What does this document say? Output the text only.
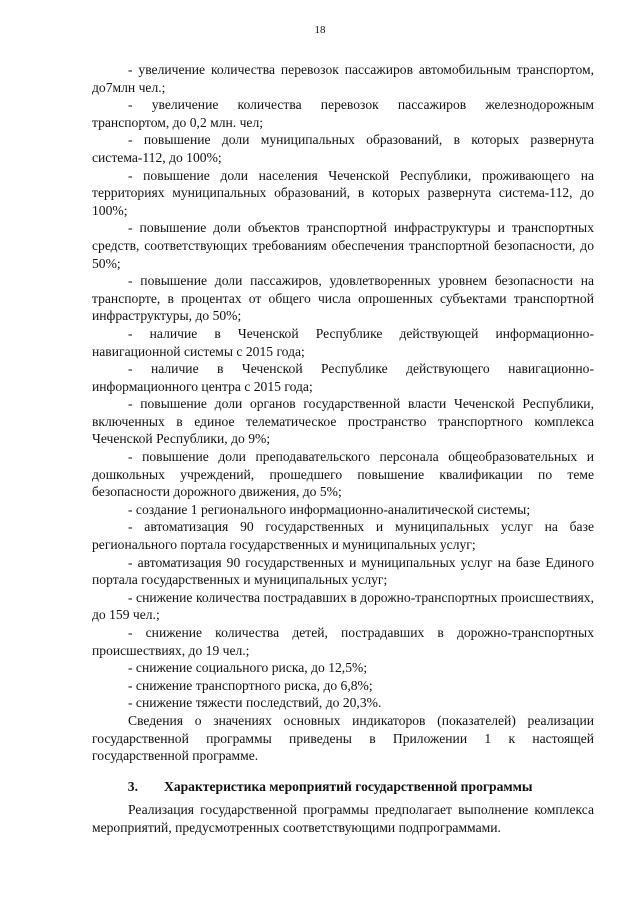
18

- увеличение количества перевозок пассажиров автомобильным транспортом, до7млн чел.;

- увеличение количества перевозок пассажиров железнодорожным транспортом, до 0,2 млн. чел;

- повышение доли муниципальных образований, в которых развернута система-112, до 100%;

- повышение доли населения Чеченской Республики, проживающего на территориях муниципальных образований, в которых развернута система-112, до 100%;

- повышение доли объектов транспортной инфраструктуры и транспортных средств, соответствующих требованиям обеспечения транспортной безопасности, до 50%;

- повышение доли пассажиров, удовлетворенных уровнем безопасности на транспорте, в процентах от общего числа опрошенных субъектами транспортной инфраструктуры, до 50%;

- наличие в Чеченской Республике действующей информационно-навигационной системы с 2015 года;

- наличие в Чеченской Республике действующего навигационно-информационного центра с 2015 года;

- повышение доли органов государственной власти Чеченской Республики, включенных в единое телематическое пространство транспортного комплекса Чеченской Республики, до 9%;

- повышение доли преподавательского персонала общеобразовательных и дошкольных учреждений, прошедшего повышение квалификации по теме безопасности дорожного движения, до 5%;

- создание 1 регионального информационно-аналитической системы;

- автоматизация 90 государственных и муниципальных услуг на базе регионального портала государственных и муниципальных услуг;

- автоматизация 90 государственных и муниципальных услуг на базе Единого портала государственных и муниципальных услуг;

- снижение количества пострадавших в дорожно-транспортных происшествиях, до 159 чел.;

- снижение количества детей, пострадавших в дорожно-транспортных происшествиях, до 19 чел.;

- снижение социального риска, до 12,5%;

- снижение транспортного риска, до 6,8%;

- снижение тяжести последствий, до 20,3%.

Сведения о значениях основных индикаторов (показателей) реализации государственной программы приведены в Приложении 1 к настоящей государственной программе.

3.	Характеристика мероприятий государственной программы

Реализация государственной программы предполагает выполнение комплекса мероприятий, предусмотренных соответствующими подпрограммами.
